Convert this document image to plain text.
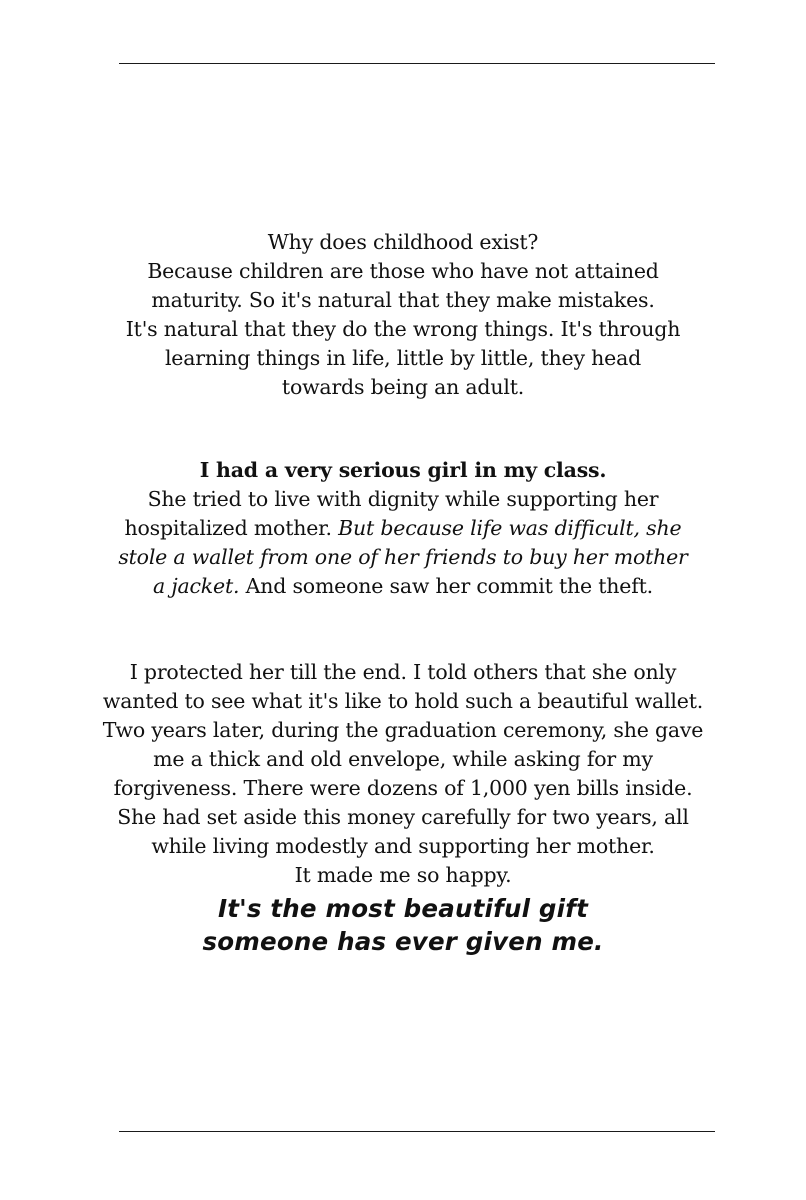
Why does childhood exist?
Because children are those who have not attained
maturity. So it's natural that they make mistakes.
It's natural that they do the wrong things. It's through
learning things in life, little by little, they head
towards being an adult.
I had a very serious girl in my class.
She tried to live with dignity while supporting her
hospitalized mother. But because life was difficult, she
stole a wallet from one of her friends to buy her mother
a jacket. And someone saw her commit the theft.
I protected her till the end. I told others that she only
wanted to see what it's like to hold such a beautiful wallet.
Two years later, during the graduation ceremony, she gave
me a thick and old envelope, while asking for my
forgiveness. There were dozens of 1,000 yen bills inside.
She had set aside this money carefully for two years, all
while living modestly and supporting her mother.
It made me so happy.
It's the most beautiful gift
someone has ever given me.
